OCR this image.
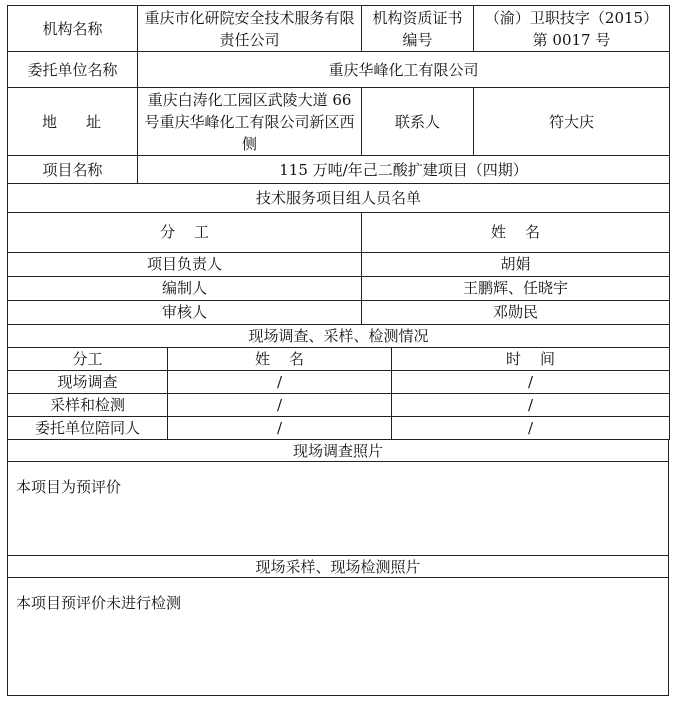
机构名称	重庆市化研院安全技术服务有限责任公司	机构资质证书编号	（渝）卫职技字（2015）第 0017 号
委托单位名称	重庆华峰化工有限公司		
地    址	重庆白涛化工园区武陵大道 66 号重庆华峰化工有限公司新区西侧	联系人	符大庆
项目名称	115 万吨/年己二酸扩建项目（四期）		
技术服务项目组人员名单	
分    工	姓    名
项目负责人	胡娟
编制人	王鹏辉、任晓宇
审核人	邓勋民
现场调查、采样、检测情况		
分工	姓    名	时    间
现场调查	/	/
采样和检测	/	/
委托单位陪同人	/	/
现场调查照片
本项目为预评价
现场采样、现场检测照片
本项目预评价未进行检测
